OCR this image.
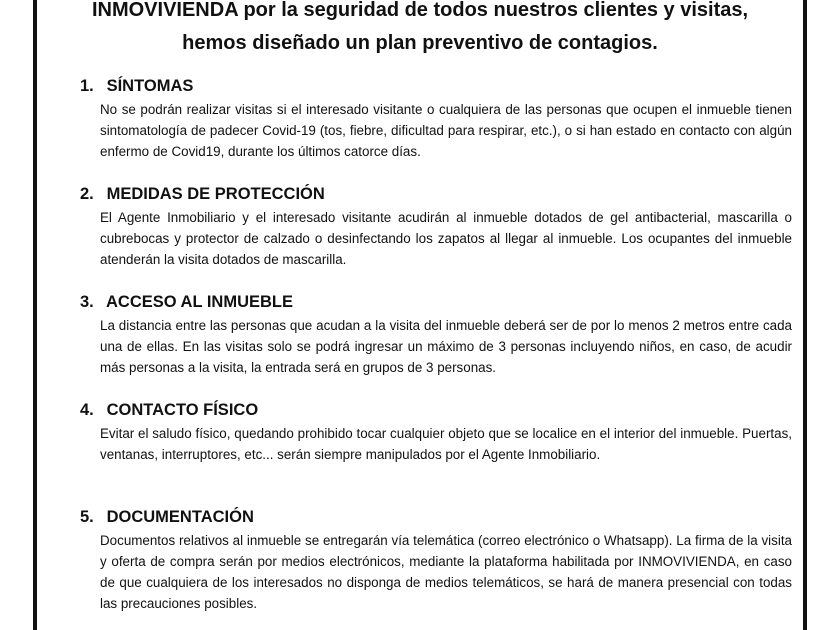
INMOVIVIENDA por la seguridad de todos nuestros clientes y visitas,
hemos diseñado un plan preventivo de contagios.
1. SÍNTOMAS
No se podrán realizar visitas si el interesado visitante o cualquiera de las personas que ocupen el inmueble tienen sintomatología de padecer Covid-19 (tos, fiebre, dificultad para respirar, etc.), o si han estado en contacto con algún enfermo de Covid19, durante los últimos catorce días.
2. MEDIDAS DE PROTECCIÓN
El Agente Inmobiliario y el interesado visitante acudirán al inmueble dotados de gel antibacterial, mascarilla o cubrebocas y protector de calzado o desinfectando los zapatos al llegar al inmueble. Los ocupantes del inmueble atenderán la visita dotados de mascarilla.
3. ACCESO AL INMUEBLE
La distancia entre las personas que acudan a la visita del inmueble deberá ser de por lo menos 2 metros entre cada una de ellas. En las visitas solo se podrá ingresar un máximo de 3 personas incluyendo niños, en caso, de acudir más personas a la visita, la entrada será en grupos de 3 personas.
4. CONTACTO FÍSICO
Evitar el saludo físico, quedando prohibido tocar cualquier objeto que se localice en el interior del inmueble. Puertas, ventanas, interruptores, etc... serán siempre manipulados por el Agente Inmobiliario.
5. DOCUMENTACIÓN
Documentos relativos al inmueble se entregarán vía telemática (correo electrónico o Whatsapp). La firma de la visita y oferta de compra serán por medios electrónicos, mediante la plataforma habilitada por INMOVIVIENDA, en caso de que cualquiera de los interesados no disponga de medios telemáticos, se hará de manera presencial con todas las precauciones posibles.
